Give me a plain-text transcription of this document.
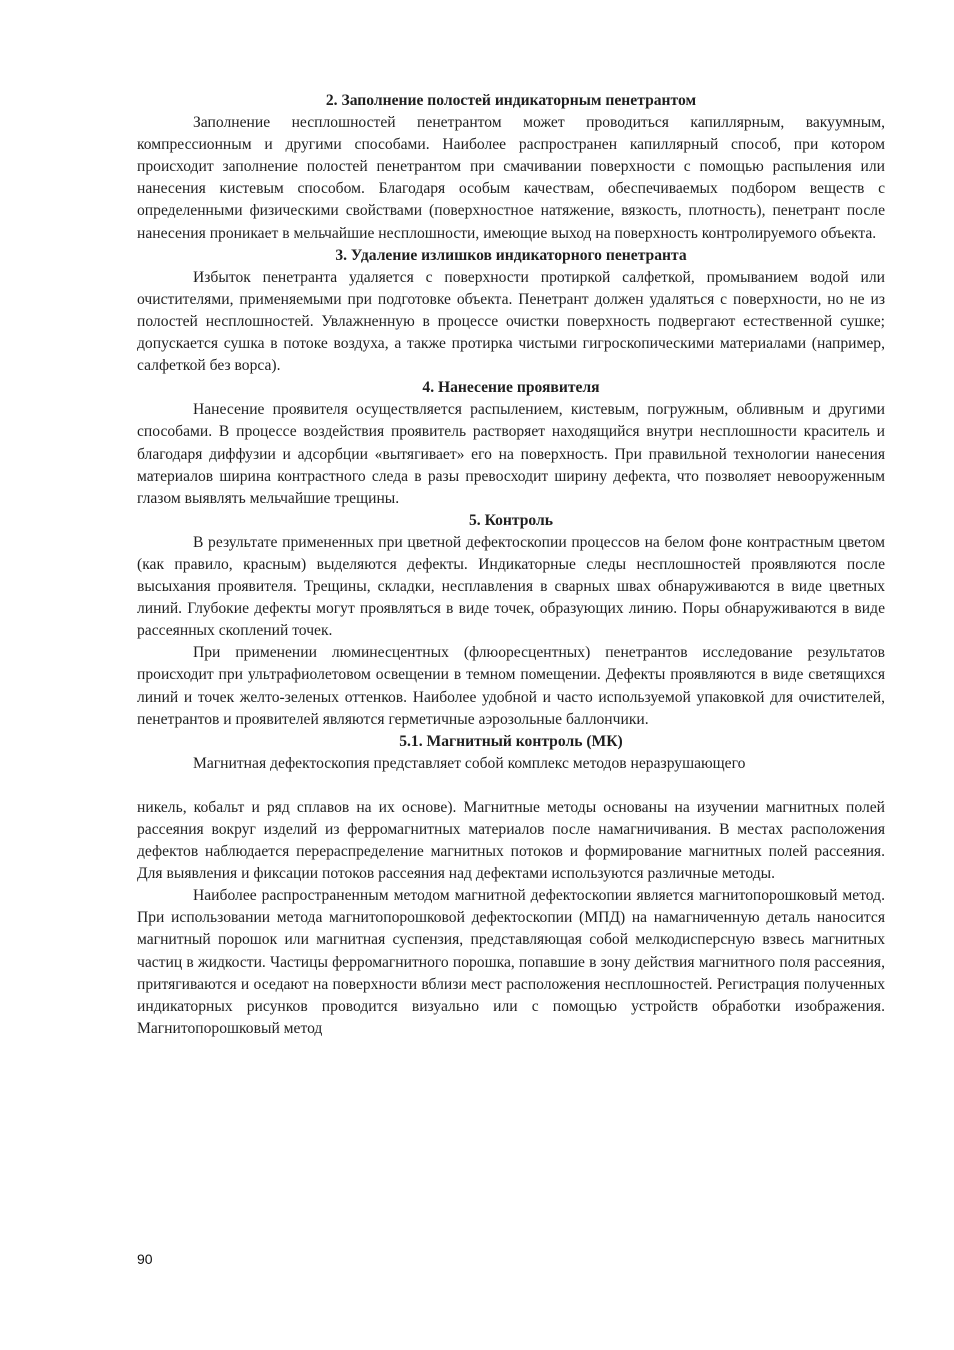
2. Заполнение полостей индикаторным пенетрантом

Заполнение несплошностей пенетрантом может проводиться капиллярным, вакуумным, компрессионным и другими способами. Наиболее распространен капиллярный способ, при котором происходит заполнение полостей пенетрантом при смачивании поверхности с помощью распыления или нанесения кистевым способом. Благодаря особым качествам, обеспечиваемых подбором веществ с определенными физическими свойствами (поверхностное натяжение, вязкость, плотность), пенетрант после нанесения проникает в мельчайшие несплошности, имеющие выход на поверхность контролируемого объекта.

3. Удаление излишков индикаторного пенетранта

Избыток пенетранта удаляется с поверхности протиркой салфеткой, промыванием водой или очистителями, применяемыми при подготовке объекта. Пенетрант должен удаляться с поверхности, но не из полостей несплошностей. Увлажненную в процессе очистки поверхность подвергают естественной сушке; допускается сушка в потоке воздуха, а также протирка чистыми гигроскопическими материалами (например, салфеткой без ворса).

4. Нанесение проявителя

Нанесение проявителя осуществляется распылением, кистевым, погружным, обливным и другими способами. В процессе воздействия проявитель растворяет находящийся внутри несплошности краситель и благодаря диффузии и адсорбции «вытягивает» его на поверхность. При правильной технологии нанесения материалов ширина контрастного следа в разы превосходит ширину дефекта, что позволяет невооруженным глазом выявлять мельчайшие трещины.

5. Контроль

В результате примененных при цветной дефектоскопии процессов на белом фоне контрастным цветом (как правило, красным) выделяются дефекты. Индикаторные следы несплошностей проявляются после высыхания проявителя. Трещины, складки, несплавления в сварных швах обнаруживаются в виде цветных линий. Глубокие дефекты могут проявляться в виде точек, образующих линию. Поры обнаруживаются в виде рассеянных скоплений точек.

При применении люминесцентных (флюоресцентных) пенетрантов исследование результатов происходит при ультрафиолетовом освещении в темном помещении. Дефекты проявляются в виде светящихся линий и точек желто-зеленых оттенков. Наиболее удобной и часто используемой упаковкой для очистителей, пенетрантов и проявителей являются герметичные аэрозольные баллончики.

5.1. Магнитный контроль (МК)

Магнитная дефектоскопия представляет собой комплекс методов неразрушающего

никель, кобальт и ряд сплавов на их основе). Магнитные методы основаны на изучении магнитных полей рассеяния вокруг изделий из ферромагнитных материалов после намагничивания. В местах расположения дефектов наблюдается перераспределение магнитных потоков и формирование магнитных полей рассеяния. Для выявления и фиксации потоков рассеяния над дефектами используются различные методы.

Наиболее распространенным методом магнитной дефектоскопии является магнитопорошковый метод. При использовании метода магнитопорошковой дефектоскопии (МПД) на намагниченную деталь наносится магнитный порошок или магнитная суспензия, представляющая собой мелкодисперсную взвесь магнитных частиц в жидкости. Частицы ферромагнитного порошка, попавшие в зону действия магнитного поля рассеяния, притягиваются и оседают на поверхности вблизи мест расположения несплошностей. Регистрация полученных индикаторных рисунков проводится визуально или с помощью устройств обработки изображения. Магнитопорошковый метод

90
